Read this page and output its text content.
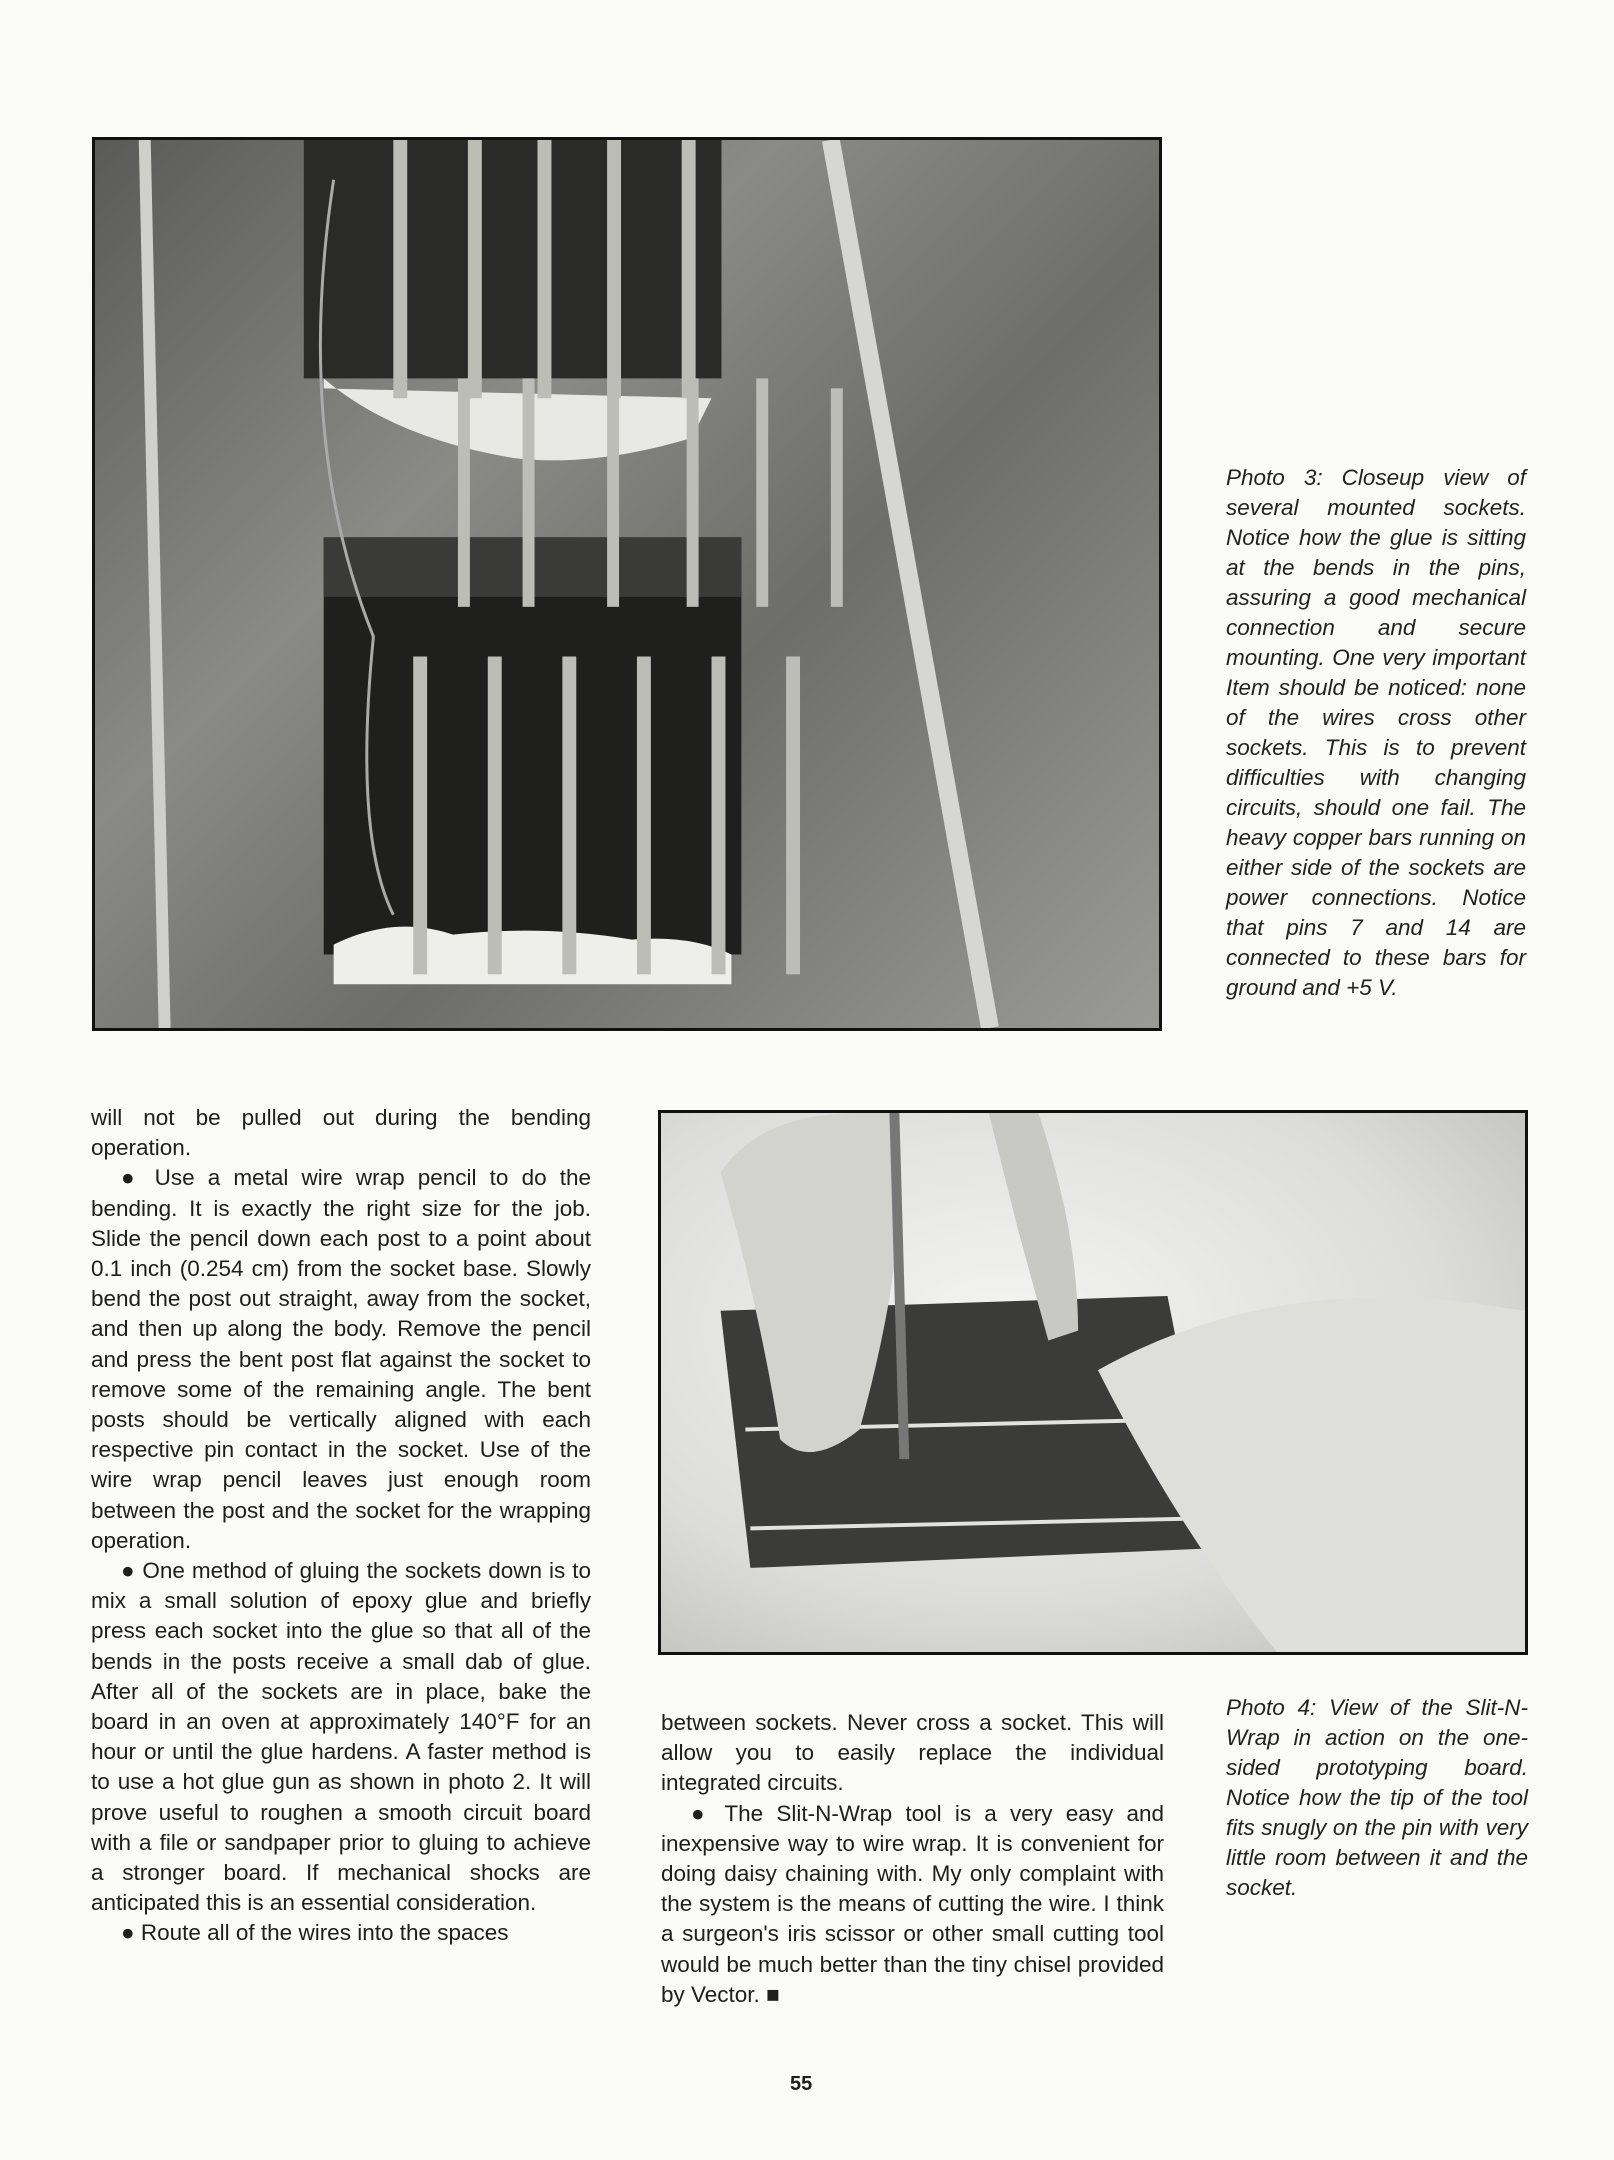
Photo 3: Closeup view of several mounted sockets. Notice how the glue is sitting at the bends in the pins, assuring a good mechanical connection and secure mounting. One very important Item should be noticed: none of the wires cross other sockets. This is to prevent difficulties with changing circuits, should one fail. The heavy copper bars running on either side of the sockets are power connections. Notice that pins 7 and 14 are connected to these bars for ground and +5 V.

will not be pulled out during the bending operation.

● Use a metal wire wrap pencil to do the bending. It is exactly the right size for the job. Slide the pencil down each post to a point about 0.1 inch (0.254 cm) from the socket base. Slowly bend the post out straight, away from the socket, and then up along the body. Remove the pencil and press the bent post flat against the socket to remove some of the remaining angle. The bent posts should be vertically aligned with each respective pin contact in the socket. Use of the wire wrap pencil leaves just enough room between the post and the socket for the wrapping operation.

● One method of gluing the sockets down is to mix a small solution of epoxy glue and briefly press each socket into the glue so that all of the bends in the posts receive a small dab of glue. After all of the sockets are in place, bake the board in an oven at approximately 140°F for an hour or until the glue hardens. A faster method is to use a hot glue gun as shown in photo 2. It will prove useful to roughen a smooth circuit board with a file or sandpaper prior to gluing to achieve a stronger board. If mechanical shocks are anticipated this is an essential consideration.

● Route all of the wires into the spaces

between sockets. Never cross a socket. This will allow you to easily replace the individual integrated circuits.

● The Slit-N-Wrap tool is a very easy and inexpensive way to wire wrap. It is convenient for doing daisy chaining with. My only complaint with the system is the means of cutting the wire. I think a surgeon's iris scissor or other small cutting tool would be much better than the tiny chisel provided by Vector. ■

Photo 4: View of the Slit-N-Wrap in action on the one-sided prototyping board. Notice how the tip of the tool fits snugly on the pin with very little room between it and the socket.
55
